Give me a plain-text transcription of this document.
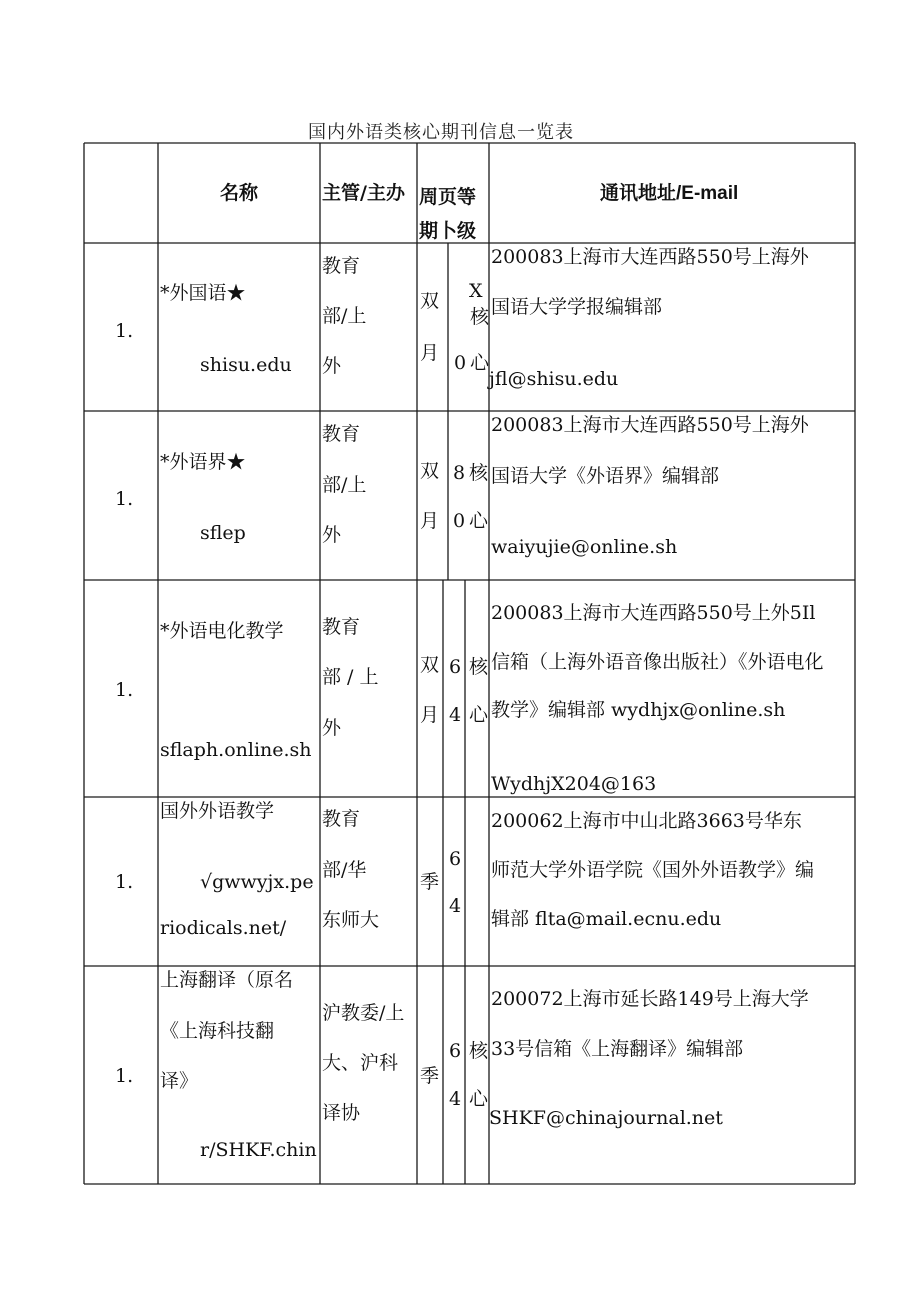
国内外语类核心期刊信息一览表
名称	主管/主办 周页等
期卜级
通讯地址/E-mail
1.
*外国语★
shisu.edu
教育
部/上
外
双
月
X
0
核
心
200083上海市大连西路550号上海外
国语大学学报编辑部
jfl@shisu.edu
1.
*外语界★
sflep
教育
部/上
外
双
月
8
0
核
心
200083上海市大连西路550号上海外
国语大学《外语界》编辑部
waiyujie@online.sh
1.
*外语电化教学
sflaph.online.sh
教育
部 / 上
外
双
月
6
4
核
心
200083上海市大连西路550号上外5Il
信箱（上海外语音像出版社）《外语电化
教学》编辑部 wydhjx@online.sh
WydhjX204@163
1.
国外外语教学
√gwwyjx.pe
riodicals.net/
教育
部/华
东师大
季
6
4
200062上海市中山北路3663号华东
师范大学外语学院《国外外语教学》编
辑部 flta@mail.ecnu.edu
1.
上海翻译（原名
《上海科技翻
译》
r/SHKF.chin
沪教委/上
大、沪科
译协
季
6
4
核
心
200072上海市延长路149号上海大学
33号信箱《上海翻译》编辑部
SHKF@chinajournal.net
